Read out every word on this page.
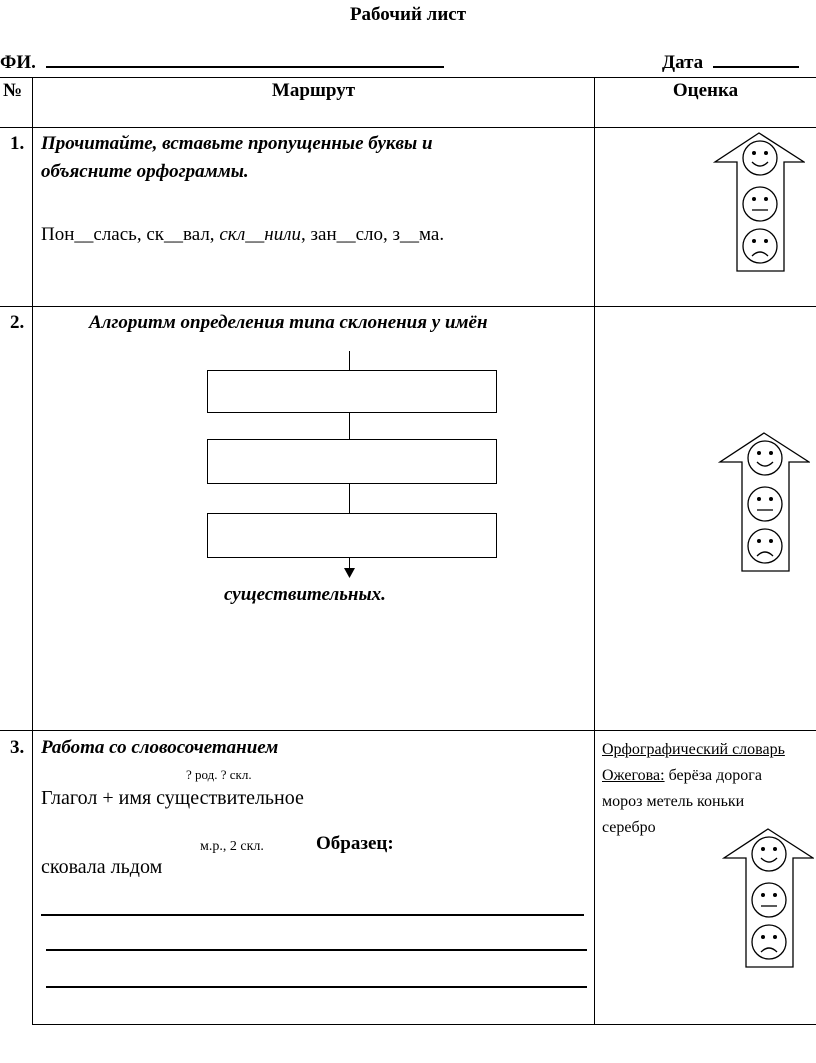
Рабочий лист
ФИ.	Дата
№	Маршрут	Оценка
1. Прочитайте, вставьте пропущенные буквы и
объясните орфограммы.
Пон__слась, ск__вал, скл__нили, зан__сло, з__ма.
2.	Алгоритм определения типа склонения у имён
существительных.
3. Работа со словосочетанием
? род. ? скл.
Глагол + имя существительное
м.р., 2 скл.	Образец:
сковала льдом
Орфографический словарь
Ожегова: берёза дорога
мороз метель коньки
серебро
